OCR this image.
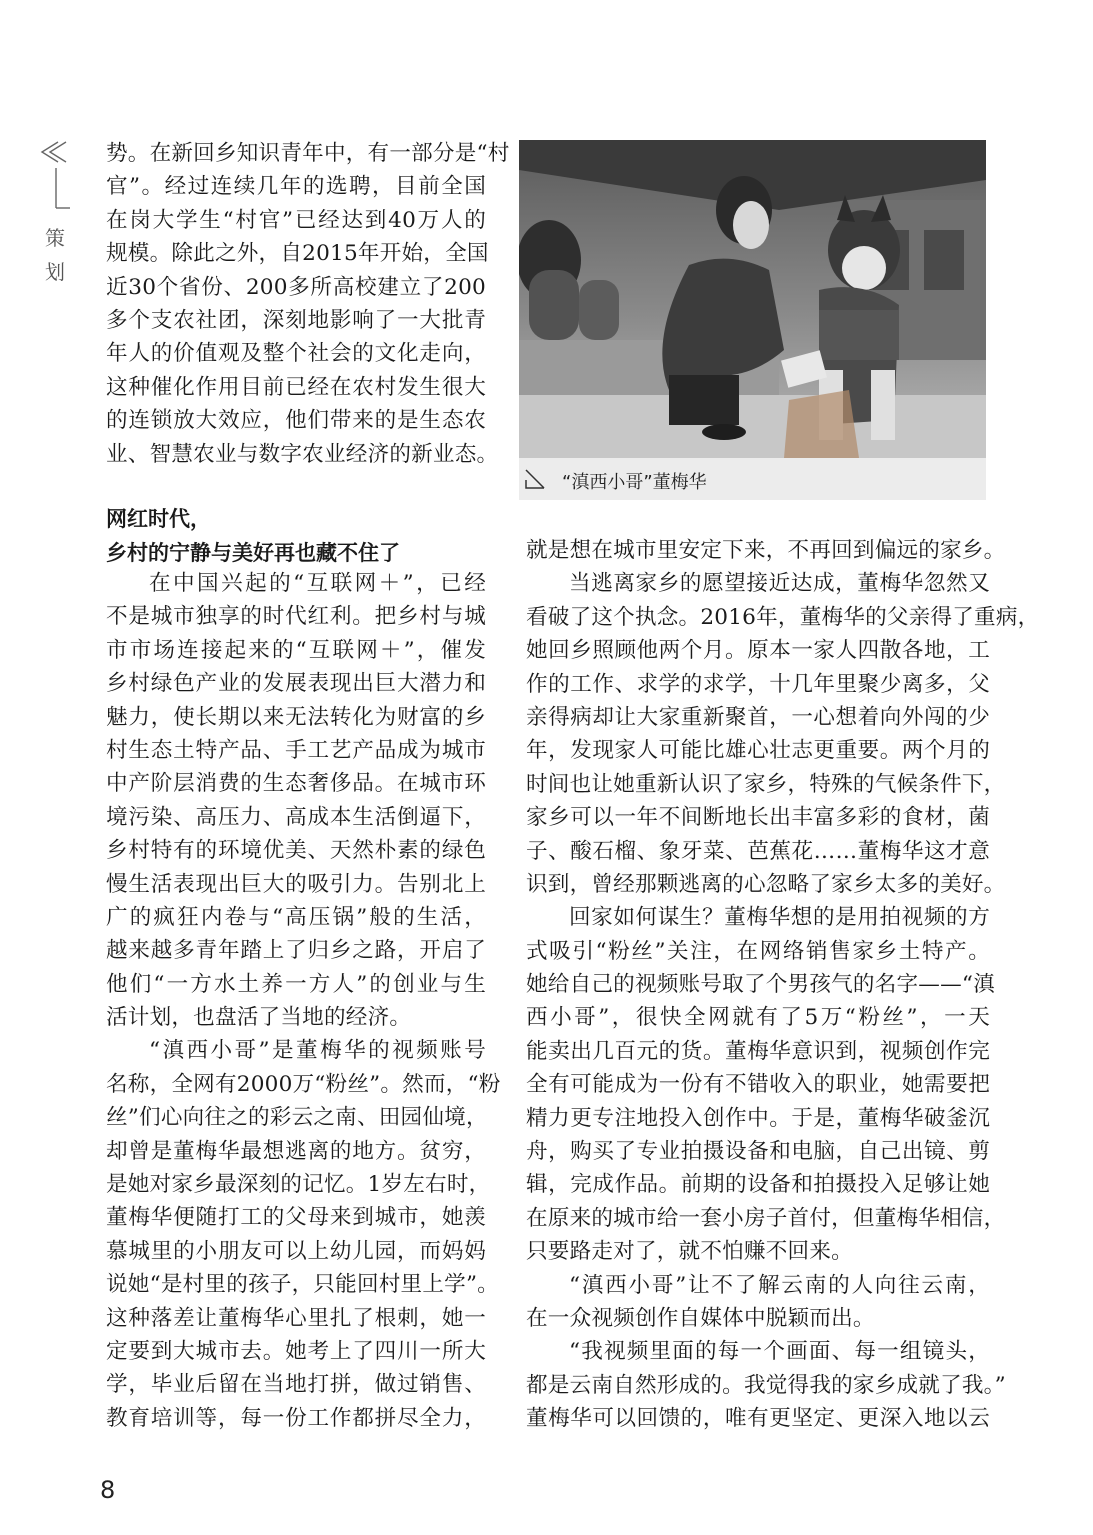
策
划
势。在新回乡知识青年中，有一部分是“村
官”。经过连续几年的选聘，目前全国
在岗大学生“村官”已经达到40万人的
规模。除此之外，自2015年开始，全国
近30个省份、200多所高校建立了200
多个支农社团，深刻地影响了一大批青
年人的价值观及整个社会的文化走向，
这种催化作用目前已经在农村发生很大
的连锁放大效应，他们带来的是生态农
业、智慧农业与数字农业经济的新业态。
在中国兴起的“互联网＋”，已经
不是城市独享的时代红利。把乡村与城
市市场连接起来的“互联网＋”，催发
乡村绿色产业的发展表现出巨大潜力和
魅力，使长期以来无法转化为财富的乡
村生态土特产品、手工艺产品成为城市
中产阶层消费的生态奢侈品。在城市环
境污染、高压力、高成本生活倒逼下，
乡村特有的环境优美、天然朴素的绿色
慢生活表现出巨大的吸引力。告别北上
广的疯狂内卷与“高压锅”般的生活，
越来越多青年踏上了归乡之路，开启了
他们“一方水土养一方人”的创业与生
活计划，也盘活了当地的经济。
“滇西小哥”是董梅华的视频账号
名称，全网有2000万“粉丝”。然而，“粉
丝”们心向往之的彩云之南、田园仙境，
却曾是董梅华最想逃离的地方。贫穷，
是她对家乡最深刻的记忆。1岁左右时，
董梅华便随打工的父母来到城市，她羡
慕城里的小朋友可以上幼儿园，而妈妈
说她“是村里的孩子，只能回村里上学”。
这种落差让董梅华心里扎了根刺，她一
定要到大城市去。她考上了四川一所大
学，毕业后留在当地打拼，做过销售、
教育培训等，每一份工作都拼尽全力，
网红时代，
乡村的宁静与美好再也藏不住了
“滇西小哥”董梅华
就是想在城市里安定下来，不再回到偏远的家乡。
当逃离家乡的愿望接近达成，董梅华忽然又
看破了这个执念。2016年，董梅华的父亲得了重病，
她回乡照顾他两个月。原本一家人四散各地，工
作的工作、求学的求学，十几年里聚少离多，父
亲得病却让大家重新聚首，一心想着向外闯的少
年，发现家人可能比雄心壮志更重要。两个月的
时间也让她重新认识了家乡，特殊的气候条件下，
家乡可以一年不间断地长出丰富多彩的食材，菌
子、酸石榴、象牙菜、芭蕉花……董梅华这才意
识到，曾经那颗逃离的心忽略了家乡太多的美好。
回家如何谋生？董梅华想的是用拍视频的方
式吸引“粉丝”关注，在网络销售家乡土特产。
她给自己的视频账号取了个男孩气的名字——“滇
西小哥”，很快全网就有了5万“粉丝”，一天
能卖出几百元的货。董梅华意识到，视频创作完
全有可能成为一份有不错收入的职业，她需要把
精力更专注地投入创作中。于是，董梅华破釜沉
舟，购买了专业拍摄设备和电脑，自己出镜、剪
辑，完成作品。前期的设备和拍摄投入足够让她
在原来的城市给一套小房子首付，但董梅华相信，
只要路走对了，就不怕赚不回来。
“滇西小哥”让不了解云南的人向往云南，
在一众视频创作自媒体中脱颖而出。
“我视频里面的每一个画面、每一组镜头，
都是云南自然形成的。我觉得我的家乡成就了我。”
董梅华可以回馈的，唯有更坚定、更深入地以云
8
